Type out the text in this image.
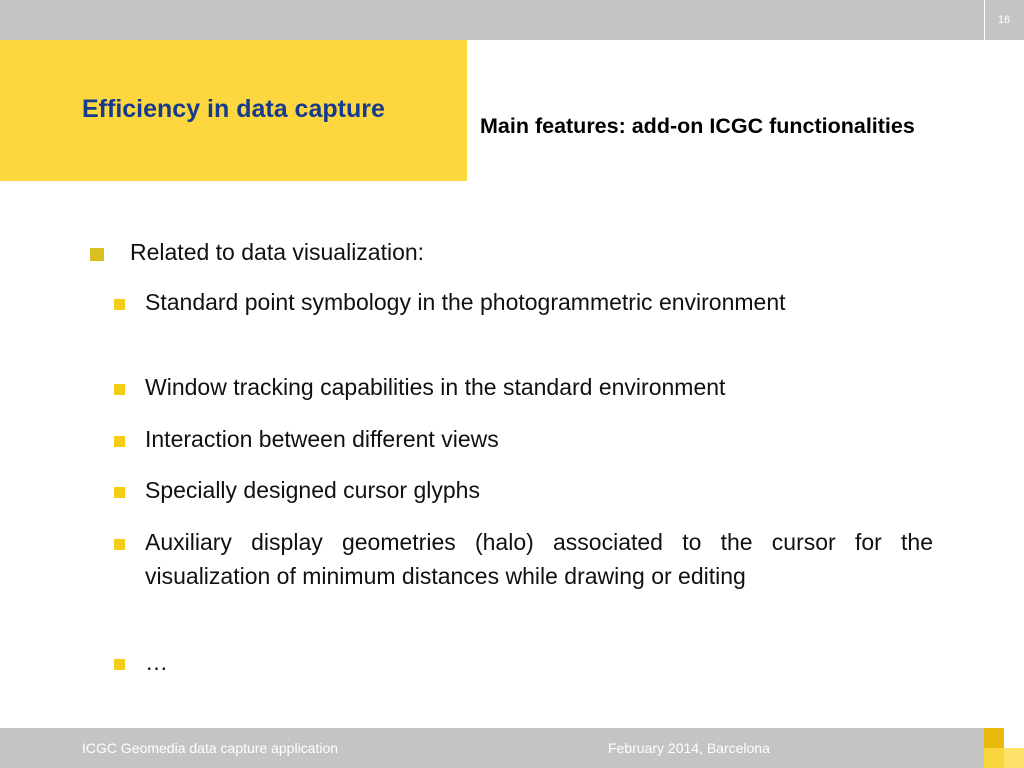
16
Efficiency in data capture
Main features: add-on ICGC functionalities
Related to data visualization:
Standard point symbology in the photogrammetric environment
Window tracking capabilities in the standard environment
Interaction between different views
Specially designed cursor glyphs
Auxiliary display geometries (halo) associated to the cursor for the visualization of minimum distances while drawing or editing
…
ICGC Geomedia data capture application	February 2014, Barcelona
